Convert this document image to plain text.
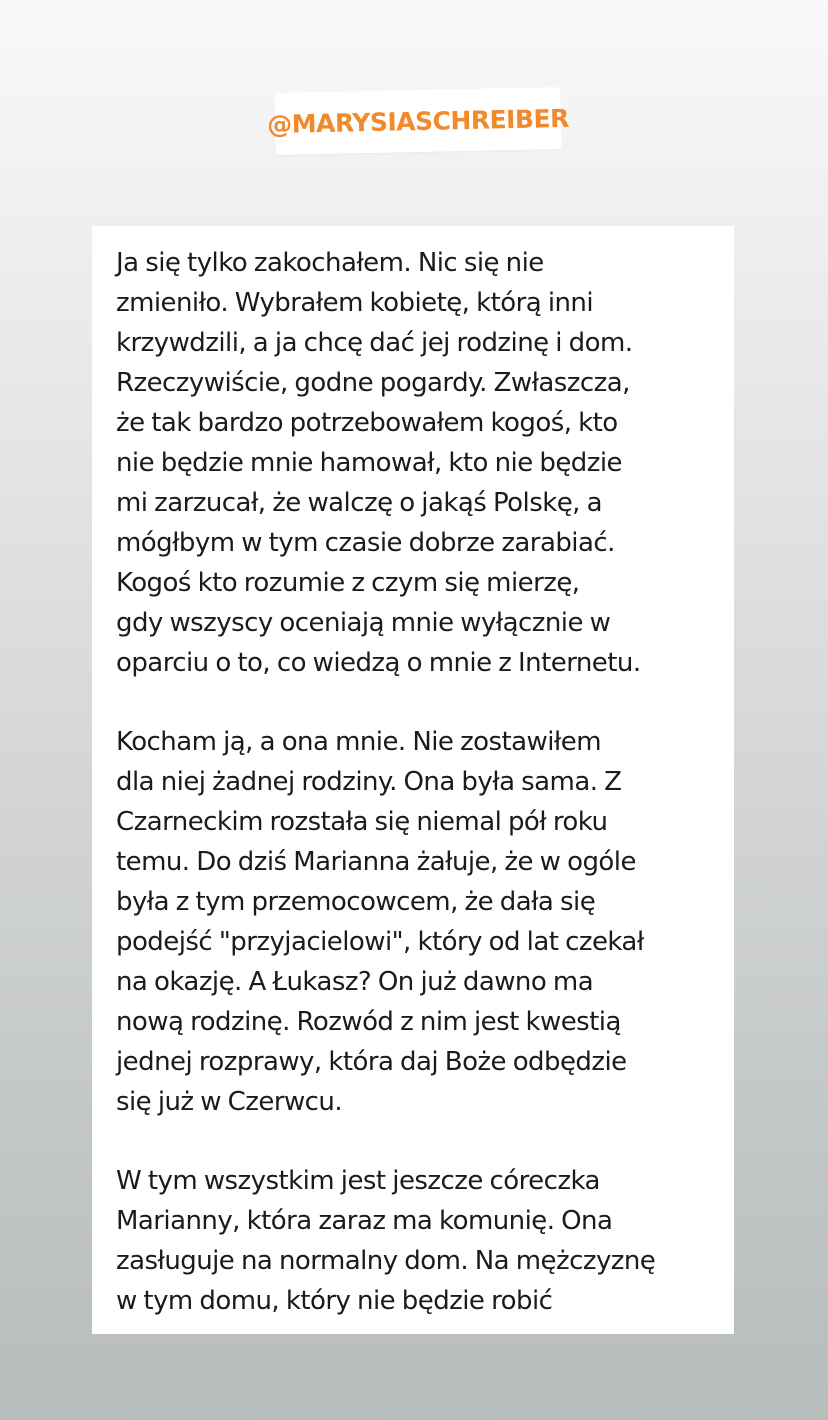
@MARYSIASCHREIBER

Ja się tylko zakochałem. Nic się nie
zmieniło. Wybrałem kobietę, którą inni
krzywdzili, a ja chcę dać jej rodzinę i dom.
Rzeczywiście, godne pogardy. Zwłaszcza,
że tak bardzo potrzebowałem kogoś, kto
nie będzie mnie hamował, kto nie będzie
mi zarzucał, że walczę o jakąś Polskę, a
mógłbym w tym czasie dobrze zarabiać.
Kogoś kto rozumie z czym się mierzę,
gdy wszyscy oceniają mnie wyłącznie w
oparciu o to, co wiedzą o mnie z Internetu.

Kocham ją, a ona mnie. Nie zostawiłem
dla niej żadnej rodziny. Ona była sama. Z
Czarneckim rozstała się niemal pół roku
temu. Do dziś Marianna żałuje, że w ogóle
była z tym przemocowcem, że dała się
podejść "przyjacielowi", który od lat czekał
na okazję. A Łukasz? On już dawno ma
nową rodzinę. Rozwód z nim jest kwestią
jednej rozprawy, która daj Boże odbędzie
się już w Czerwcu.

W tym wszystkim jest jeszcze córeczka
Marianny, która zaraz ma komunię. Ona
zasługuje na normalny dom. Na mężczyznę
w tym domu, który nie będzie robić
